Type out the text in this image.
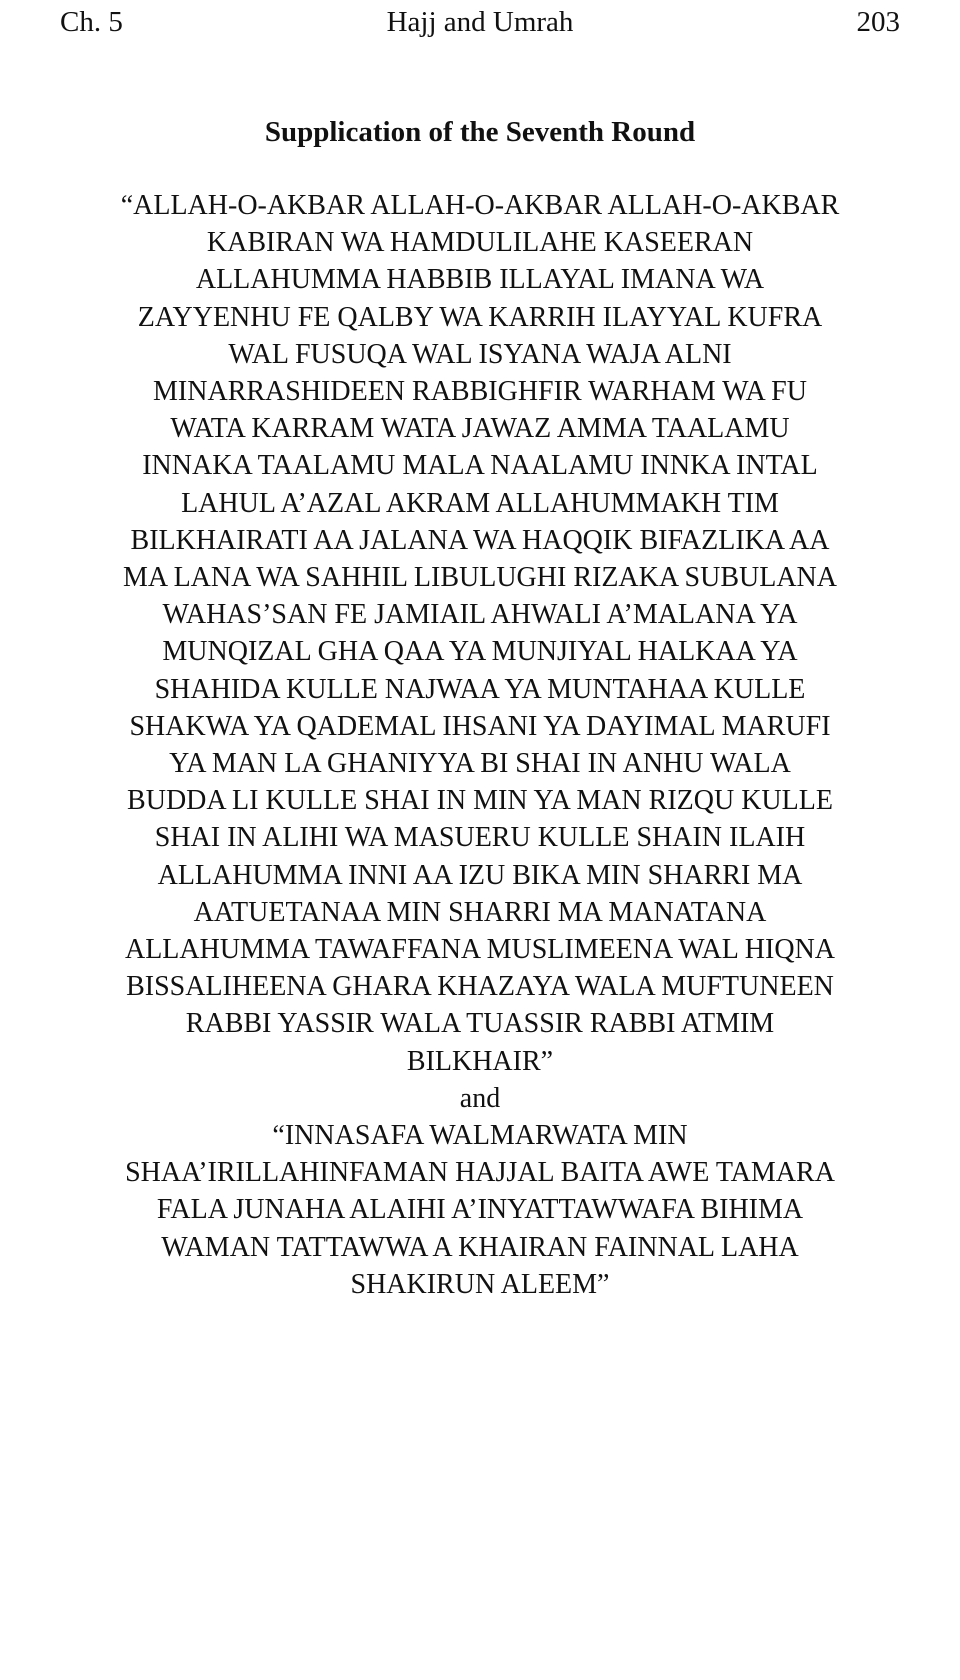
Ch. 5	Hajj and Umrah	203
Supplication of the Seventh Round
“ALLAH-O-AKBAR ALLAH-O-AKBAR ALLAH-O-AKBAR
KABIRAN WA HAMDULILAHE KASEERAN
ALLAHUMMA HABBIB ILLAYAL IMANA WA
ZAYYENHU FE QALBY WA KARRIH ILAYYAL KUFRA
WAL FUSUQA WAL ISYANA WAJA ALNI
MINARRASHIDEEN RABBIGHFIR WARHAM WA FU
WATA KARRAM WATA JAWAZ AMMA TAALAMU
INNAKA TAALAMU MALA NAALAMU INNKA INTAL
LAHUL A’AZAL AKRAM ALLAHUMMAKH TIM
BILKHAIRATI AA JALANA WA HAQQIK BIFAZLIKA AA
MA LANA WA SAHHIL LIBULUGHI RIZAKA SUBULANA
WAHAS’SAN FE JAMIAIL AHWALI A’MALANA YA
MUNQIZAL GHA QAA YA MUNJIYAL HALKAA YA
SHAHIDA KULLE NAJWAA YA MUNTAHAA KULLE
SHAKWA YA QADEMAL IHSANI YA DAYIMAL MARUFI
YA MAN LA GHANIYYA BI SHAI IN ANHU WALA
BUDDA LI KULLE SHAI IN MIN YA MAN RIZQU KULLE
SHAI IN ALIHI WA MASUERU KULLE SHAIN ILAIH
ALLAHUMMA INNI AA IZU BIKA MIN SHARRI MA
AATUETANAA MIN SHARRI MA MANATANA
ALLAHUMMA TAWAFFANA MUSLIMEENA WAL HIQNA
BISSALIHEENA GHARA KHAZAYA WALA MUFTUNEEN
RABBI YASSIR WALA TUASSIR RABBI ATMIM
BILKHAIR”
and
“INNASAFA WALMARWATA MIN
SHAA’IRILLAHINFAMAN HAJJAL BAITA AWE TAMARA
FALA JUNAHA ALAIHI A’INYATTAWWAFA BIHIMA
WAMAN TATTAWWA A KHAIRAN FAINNAL LAHA
SHAKIRUN ALEEM”
